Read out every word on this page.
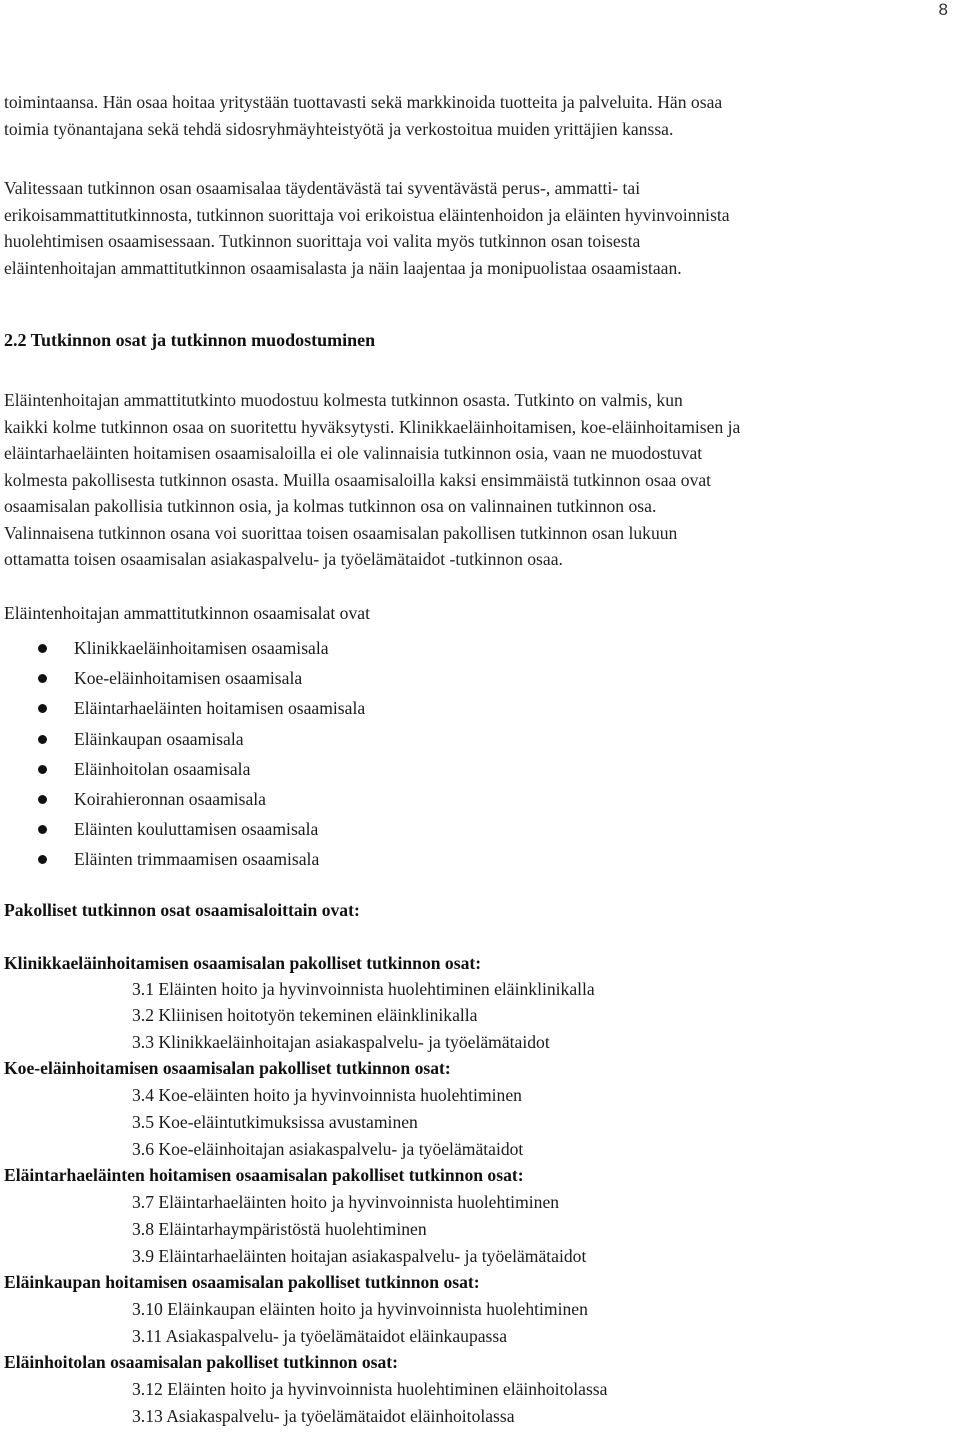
8
toimintaansa. Hän osaa hoitaa yritystään tuottavasti sekä markkinoida tuotteita ja palveluita. Hän osaa
toimia työnantajana sekä tehdä sidosryhmäyhteistyötä ja verkostoitua muiden yrittäjien kanssa.
Valitessaan tutkinnon osan osaamisalaa täydentävästä tai syventävästä perus-, ammatti- tai
erikoisammattitutkinnosta, tutkinnon suorittaja voi erikoistua eläintenhoidon ja eläinten hyvinvoinnista
huolehtimisen osaamisessaan. Tutkinnon suorittaja voi valita myös tutkinnon osan toisesta
eläintenhoitajan ammattitutkinnon osaamisalasta ja näin laajentaa ja monipuolistaa osaamistaan.
2.2 Tutkinnon osat ja tutkinnon muodostuminen
Eläintenhoitajan ammattitutkinto muodostuu kolmesta tutkinnon osasta. Tutkinto on valmis, kun
kaikki kolme tutkinnon osaa on suoritettu hyväksytysti. Klinikkaeläinhoitamisen, koe-eläinhoitamisen ja
eläintarhaeläinten hoitamisen osaamisaloilla ei ole valinnaisia tutkinnon osia, vaan ne muodostuvat
kolmesta pakollisesta tutkinnon osasta. Muilla osaamisaloilla kaksi ensimmäistä tutkinnon osaa ovat
osaamisalan pakollisia tutkinnon osia, ja kolmas tutkinnon osa on valinnainen tutkinnon osa.
Valinnaisena tutkinnon osana voi suorittaa toisen osaamisalan pakollisen tutkinnon osan lukuun
ottamatta toisen osaamisalan asiakaspalvelu- ja työelämätaidot -tutkinnon osaa.
Eläintenhoitajan ammattitutkinnon osaamisalat ovat
Klinikkaeläinhoitamisen osaamisala
Koe-eläinhoitamisen osaamisala
Eläintarhaeläinten hoitamisen osaamisala
Eläinkaupan osaamisala
Eläinhoitolan osaamisala
Koirahieronnan osaamisala
Eläinten kouluttamisen osaamisala
Eläinten trimmaamisen osaamisala
Pakolliset tutkinnon osat osaamisaloittain ovat:
Klinikkaeläinhoitamisen osaamisalan pakolliset tutkinnon osat:
3.1 Eläinten hoito ja hyvinvoinnista huolehtiminen eläinklinikalla
3.2 Kliinisen hoitotyön tekeminen eläinklinikalla
3.3 Klinikkaeläinhoitajan asiakaspalvelu- ja työelämätaidot
Koe-eläinhoitamisen osaamisalan pakolliset tutkinnon osat:
3.4 Koe-eläinten hoito ja hyvinvoinnista huolehtiminen
3.5 Koe-eläintutkimuksissa avustaminen
3.6 Koe-eläinhoitajan asiakaspalvelu- ja työelämätaidot
Eläintarhaeläinten hoitamisen osaamisalan pakolliset tutkinnon osat:
3.7 Eläintarhaeläinten hoito ja hyvinvoinnista huolehtiminen
3.8 Eläintarhaympäristöstä huolehtiminen
3.9 Eläintarhaeläinten hoitajan asiakaspalvelu- ja työelämätaidot
Eläinkaupan hoitamisen osaamisalan pakolliset tutkinnon osat:
3.10 Eläinkaupan eläinten hoito ja hyvinvoinnista huolehtiminen
3.11 Asiakaspalvelu- ja työelämätaidot eläinkaupassa
Eläinhoitolan osaamisalan pakolliset tutkinnon osat:
3.12 Eläinten hoito ja hyvinvoinnista huolehtiminen eläinhoitolassa
3.13 Asiakaspalvelu- ja työelämätaidot eläinhoitolassa
